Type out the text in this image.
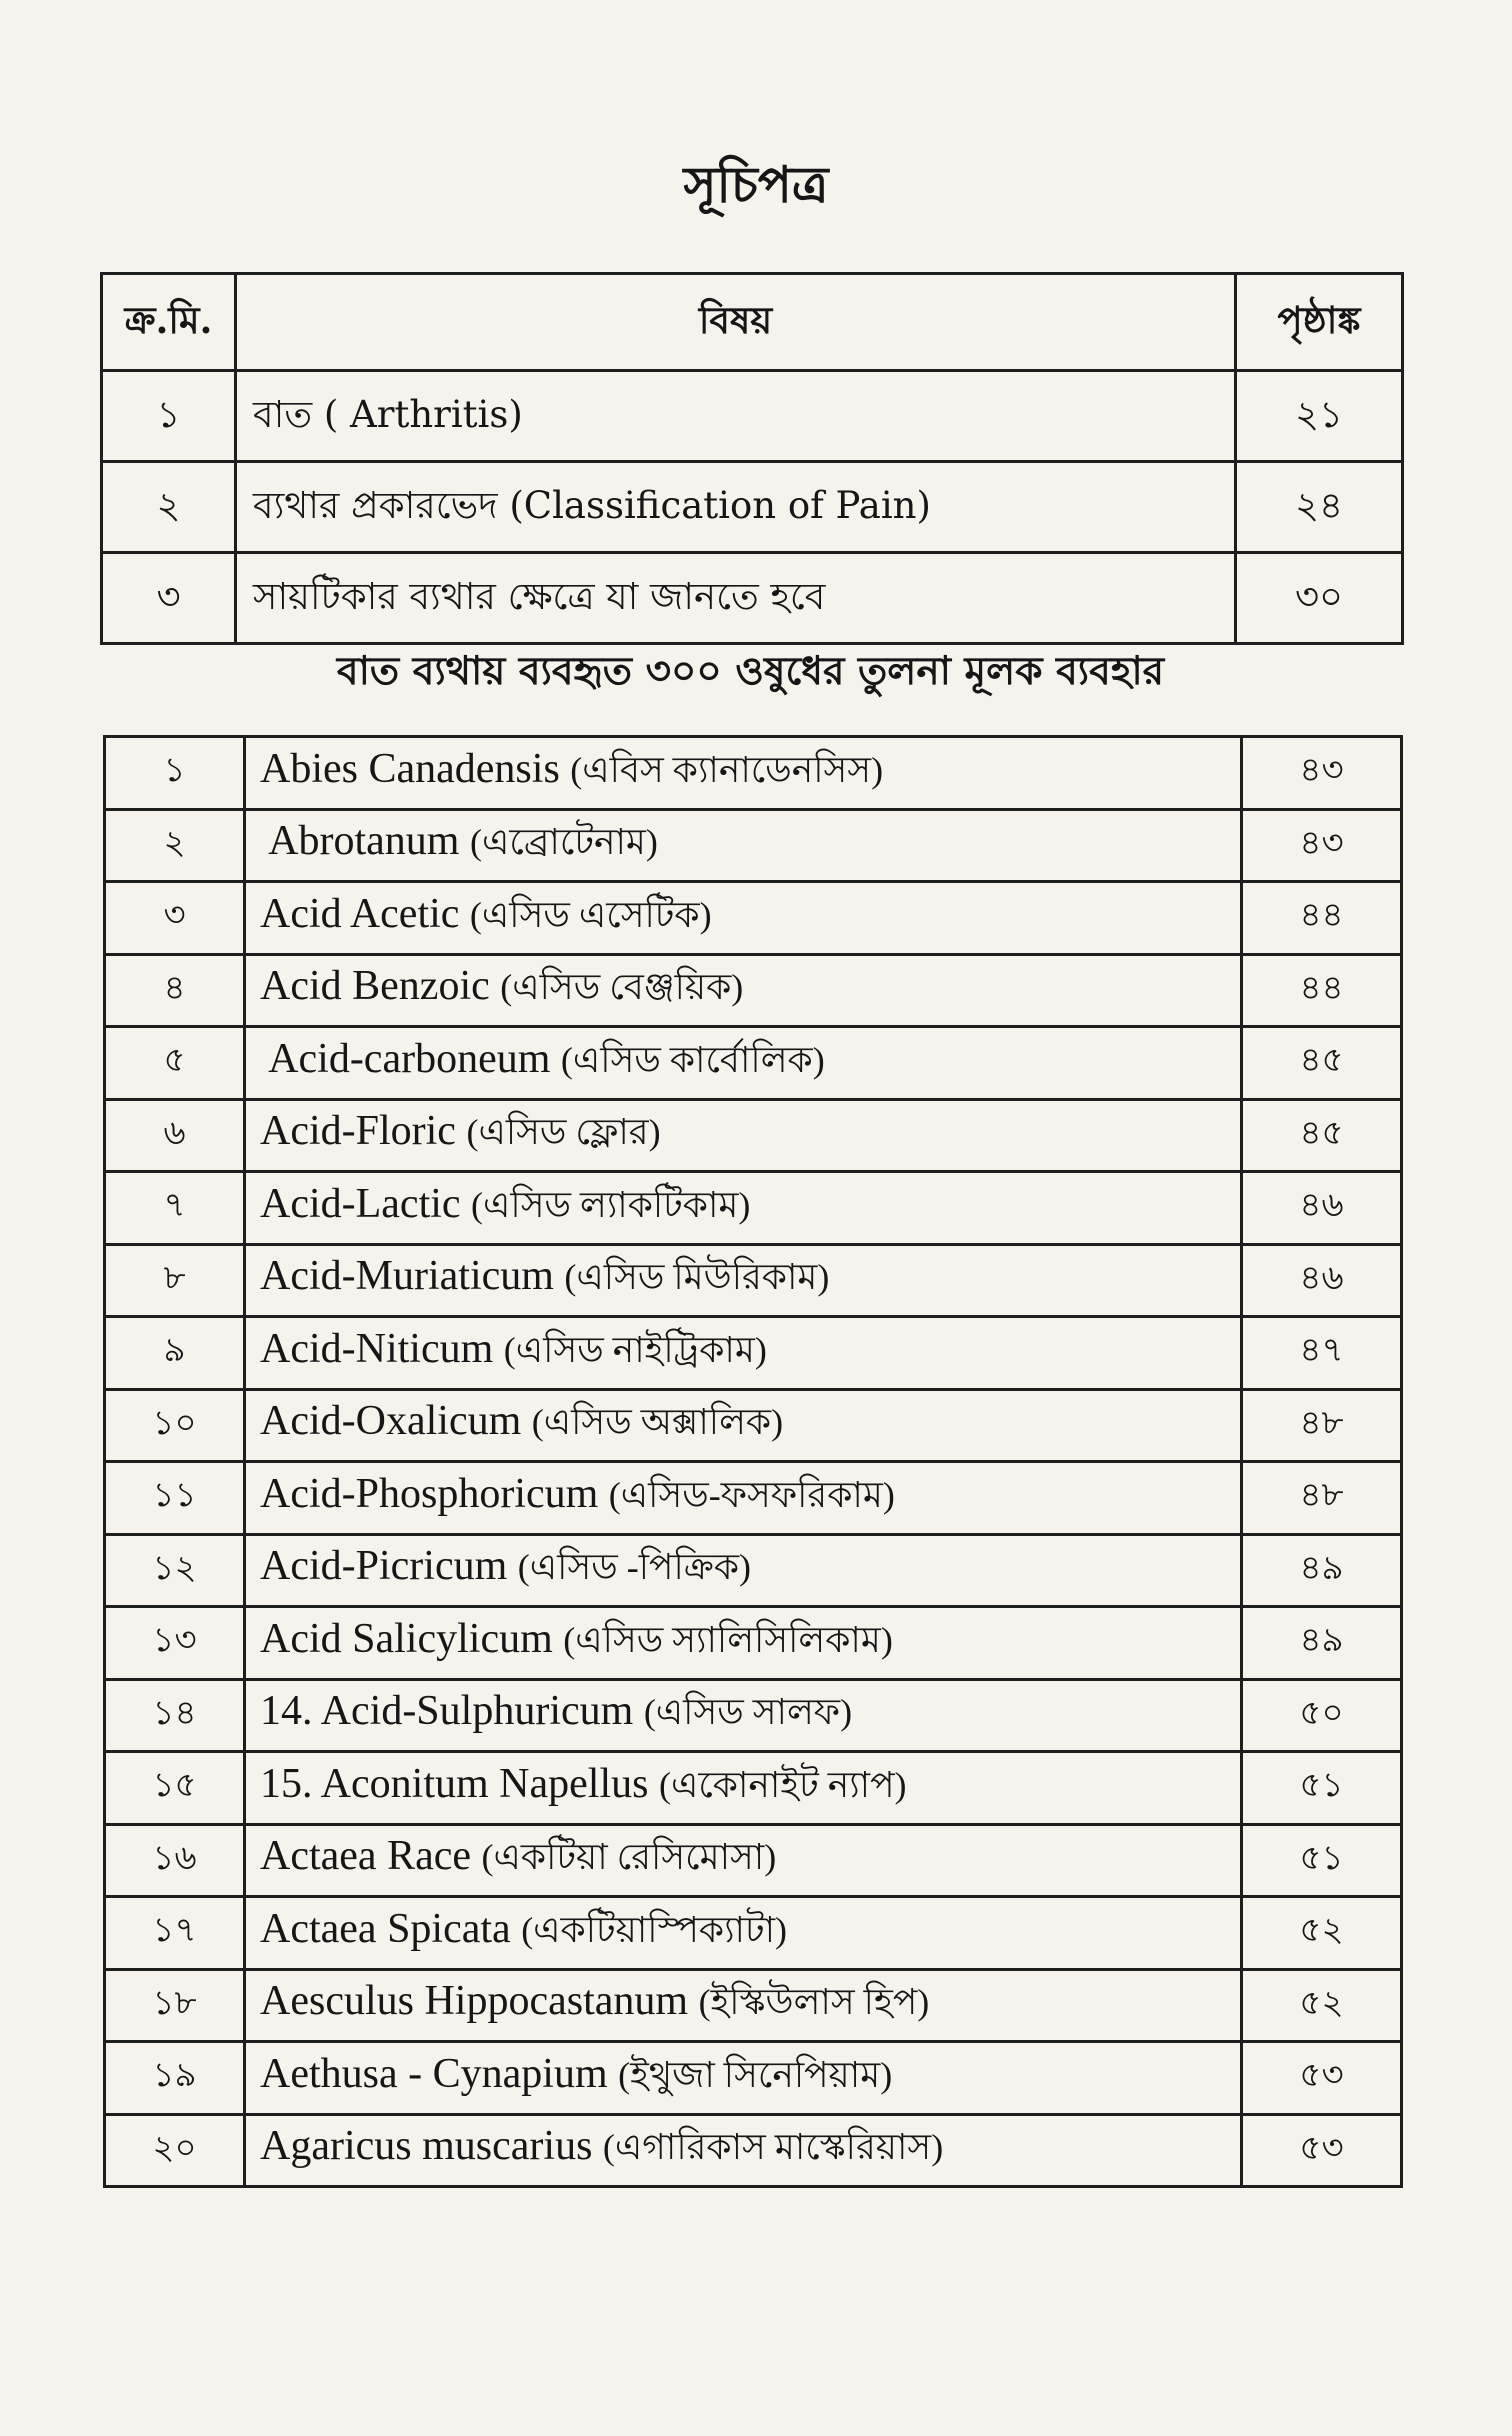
সূচিপত্র
ক্র.মি.	বিষয়	পৃষ্ঠাঙ্ক
১	বাত ( Arthritis)	২১
২	ব্যথার প্রকারভেদ (Classification of Pain)	২৪
৩	সায়টিকার ব্যথার ক্ষেত্রে যা জানতে হবে	৩০
বাত ব্যথায় ব্যবহৃত ৩০০ ওষুধের তুলনা মূলক ব্যবহার
১	Abies Canadensis (এবিস ক্যানাডেনসিস)	৪৩
২	Abrotanum (এব্রোটেনাম)	৪৩
৩	Acid Acetic (এসিড এসেটিক)	৪৪
৪	Acid Benzoic (এসিড বেঞ্জয়িক)	৪৪
৫	Acid-carboneum (এসিড কার্বোলিক)	৪৫
৬	Acid-Floric (এসিড ফ্লোর)	৪৫
৭	Acid-Lactic (এসিড ল্যাকটিকাম)	৪৬
৮	Acid-Muriaticum (এসিড মিউরিকাম)	৪৬
৯	Acid-Niticum (এসিড নাইট্রিকাম)	৪৭
১০	Acid-Oxalicum (এসিড অক্সালিক)	৪৮
১১	Acid-Phosphoricum (এসিড-ফসফরিকাম)	৪৮
১২	Acid-Picricum (এসিড -পিক্রিক)	৪৯
১৩	Acid Salicylicum (এসিড স্যালিসিলিকাম)	৪৯
১৪	14. Acid-Sulphuricum (এসিড সালফ)	৫০
১৫	15. Aconitum Napellus (একোনাইট ন্যাপ)	৫১
১৬	Actaea Race (একটিয়া রেসিমোসা)	৫১
১৭	Actaea Spicata (একটিয়াস্পিক্যাটা)	৫২
১৮	Aesculus Hippocastanum (ইস্কিউলাস হিপ)	৫২
১৯	Aethusa - Cynapium (ইথুজা সিনেপিয়াম)	৫৩
২০	Agaricus muscarius (এগারিকাস মাস্কেরিয়াস)	৫৩
